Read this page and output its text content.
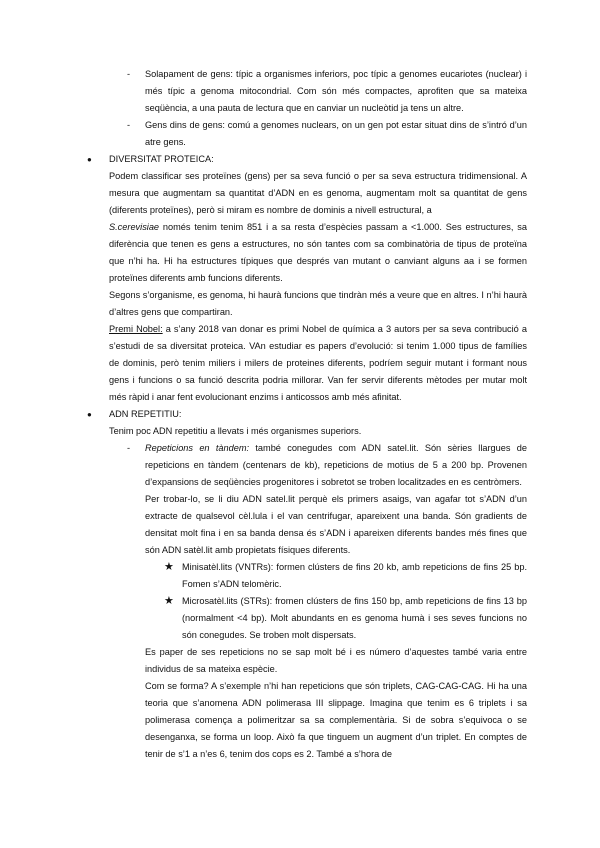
- Solapament de gens: típic a organismes inferiors, poc típic a genomes eucariotes (nuclear) i més típic a genoma mitocondrial. Com són més compactes, aprofiten que sa mateixa seqüència, a una pauta de lectura que en canviar un nucleòtid ja tens un altre.
- Gens dins de gens: comú a genomes nuclears, on un gen pot estar situat dins de s’intró d’un atre gens.
● DIVERSITAT PROTEICA:

Podem classificar ses proteïnes (gens) per sa seva funció o per sa seva estructura tridimensional. A mesura que augmentam sa quantitat d’ADN en es genoma, augmentam molt sa quantitat de gens (diferents proteïnes), però si miram es nombre de dominis a nivell estructural, a

S.cerevisiae només tenim tenim 851 i a sa resta d’espècies passam a <1.000. Ses estructures, sa diferència que tenen es gens a estructures, no són tantes com sa combinatòria de tipus de proteïna que n’hi ha. Hi ha estructures típiques que després van mutant o canviant alguns aa i se formen proteïnes diferents amb funcions diferents.

Segons s’organisme, es genoma, hi haurà funcions que tindràn més a veure que en altres. I n’hi haurà d’altres gens que compartiran.

Premi Nobel: a s’any 2018 van donar es primi Nobel de química a 3 autors per sa seva contribució a s’estudi de sa diversitat proteica. VAn estudiar es papers d’evolució: si tenim 1.000 tipus de famílies de dominis, però tenim miliers i milers de proteines diferents, podríem seguir mutant i formant nous gens i funcions o sa funció descrita podria millorar. Van fer servir diferents mètodes per mutar molt més ràpid i anar fent evolucionant enzims i anticossos amb més afinitat.

● ADN REPETITIU:

Tenim poc ADN repetitiu a llevats i més organismes superiors.

- Repeticions en tàndem: també conegudes com ADN satel.lit. Són sèries llargues de repeticions en tàndem (centenars de kb), repeticions de motius de 5 a 200 bp. Provenen d’expansions de seqüències progenitores i sobretot se troben localitzades en es centròmers.

Per trobar-lo, se li diu ADN satel.lit perquè els primers asaigs, van agafar tot s’ADN d’un extracte de qualsevol cèl.lula i el van centrifugar, apareixent una banda. Són gradients de densitat molt fina i en sa banda densa és s’ADN i apareixen diferents bandes més fines que són ADN satèl.lit amb propietats físiques diferents.

★ Minisatèl.lits (VNTRs): formen clústers de fins 20 kb, amb repeticions de fins 25 bp. Fomen s’ADN telomèric.
★ Microsatèl.lits (STRs): fromen clústers de fins 150 bp, amb repeticions de fins 13 bp (normalment <4 bp). Molt abundants en es genoma humà i ses seves funcions no són conegudes. Se troben molt dispersats.

Es paper de ses repeticions no se sap molt bé i es número d’aquestes també varia entre individus de sa mateixa espècie.

Com se forma? A s’exemple n’hi han repeticions que són triplets, CAG-CAG-CAG. Hi ha una teoria que s’anomena ADN polimerasa III slippage. Imagina que tenim es 6 triplets i sa polimerasa comença a polimeritzar sa sa complementària. Si de sobra s’equivoca o se desenganxa, se forma un loop. Això fa que tinguem un augment d’un triplet. En comptes de tenir de s’1 a n’es 6, tenim dos cops es 2. També a s’hora de
